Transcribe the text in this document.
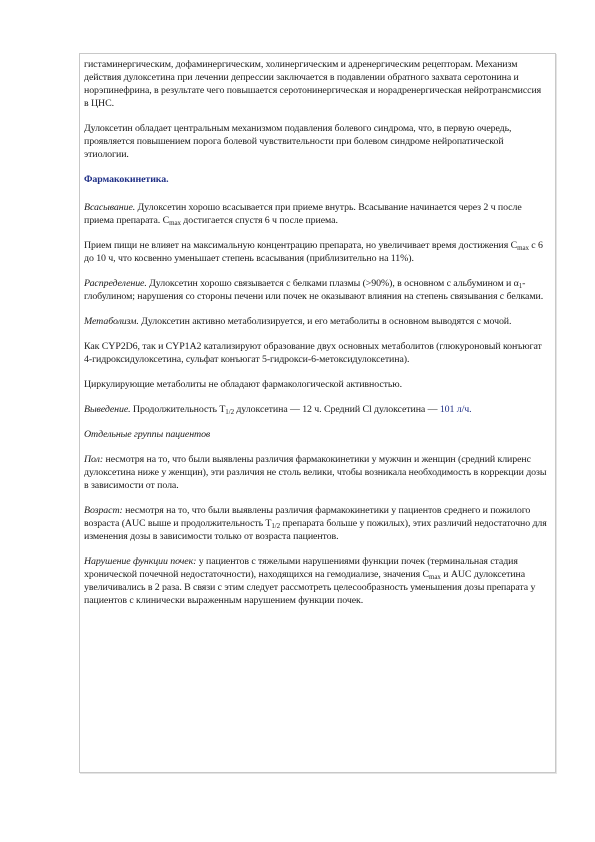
гистаминергическим, дофаминергическим, холинергическим и адренергическим рецепторам. Механизм действия дулоксетина при лечении депрессии заключается в подавлении обратного захвата серотонина и норэпинефрина, в результате чего повышается серотонинергическая и норадренергическая нейротрансмиссия в ЦНС.

Дулоксетин обладает центральным механизмом подавления болевого синдрома, что, в первую очередь, проявляется повышением порога болевой чувствительности при болевом синдроме нейропатической этиологии.

Фармакокинетика.

Всасывание. Дулоксетин хорошо всасывается при приеме внутрь. Всасывание начинается через 2 ч после приема препарата. $C_{max}$ достигается спустя 6 ч после приема.

Прием пищи не влияет на максимальную концентрацию препарата, но увеличивает время достижения $C_{max}$ с 6 до 10 ч, что косвенно уменьшает степень всасывания (приблизительно на 11%).

Распределение. Дулоксетин хорошо связывается с белками плазмы (>90%), в основном с альбумином и $\alpha_1$-глобулином; нарушения со стороны печени или почек не оказывают влияния на степень связывания с белками.

Метаболизм. Дулоксетин активно метаболизируется, и его метаболиты в основном выводятся с мочой.

Как CYP2D6, так и CYP1A2 катализируют образование двух основных метаболитов (глюкуроновый конъюгат 4-гидроксидулоксетина, сульфат конъюгат 5-гидрокси-6-метоксидулоксетина).

Циркулирующие метаболиты не обладают фармакологической активностью.

Выведение. Продолжительность $T_{1/2}$ дулоксетина — 12 ч. Средний Cl дулоксетина — 101 л/ч.

Отдельные группы пациентов

Пол: несмотря на то, что были выявлены различия фармакокинетики у мужчин и женщин (средний клиренс дулоксетина ниже у женщин), эти различия не столь велики, чтобы возникала необходимость в коррекции дозы в зависимости от пола.

Возраст: несмотря на то, что были выявлены различия фармакокинетики у пациентов среднего и пожилого возраста (AUC выше и продолжительность $T_{1/2}$ препарата больше у пожилых), этих различий недостаточно для изменения дозы в зависимости только от возраста пациентов.

Нарушение функции почек: у пациентов с тяжелыми нарушениями функции почек (терминальная стадия хронической почечной недостаточности), находящихся на гемодиализе, значения $C_{max}$ и AUC дулоксетина увеличивались в 2 раза. В связи с этим следует рассмотреть целесообразность уменьшения дозы препарата у пациентов с клинически выраженным нарушением функции почек.
